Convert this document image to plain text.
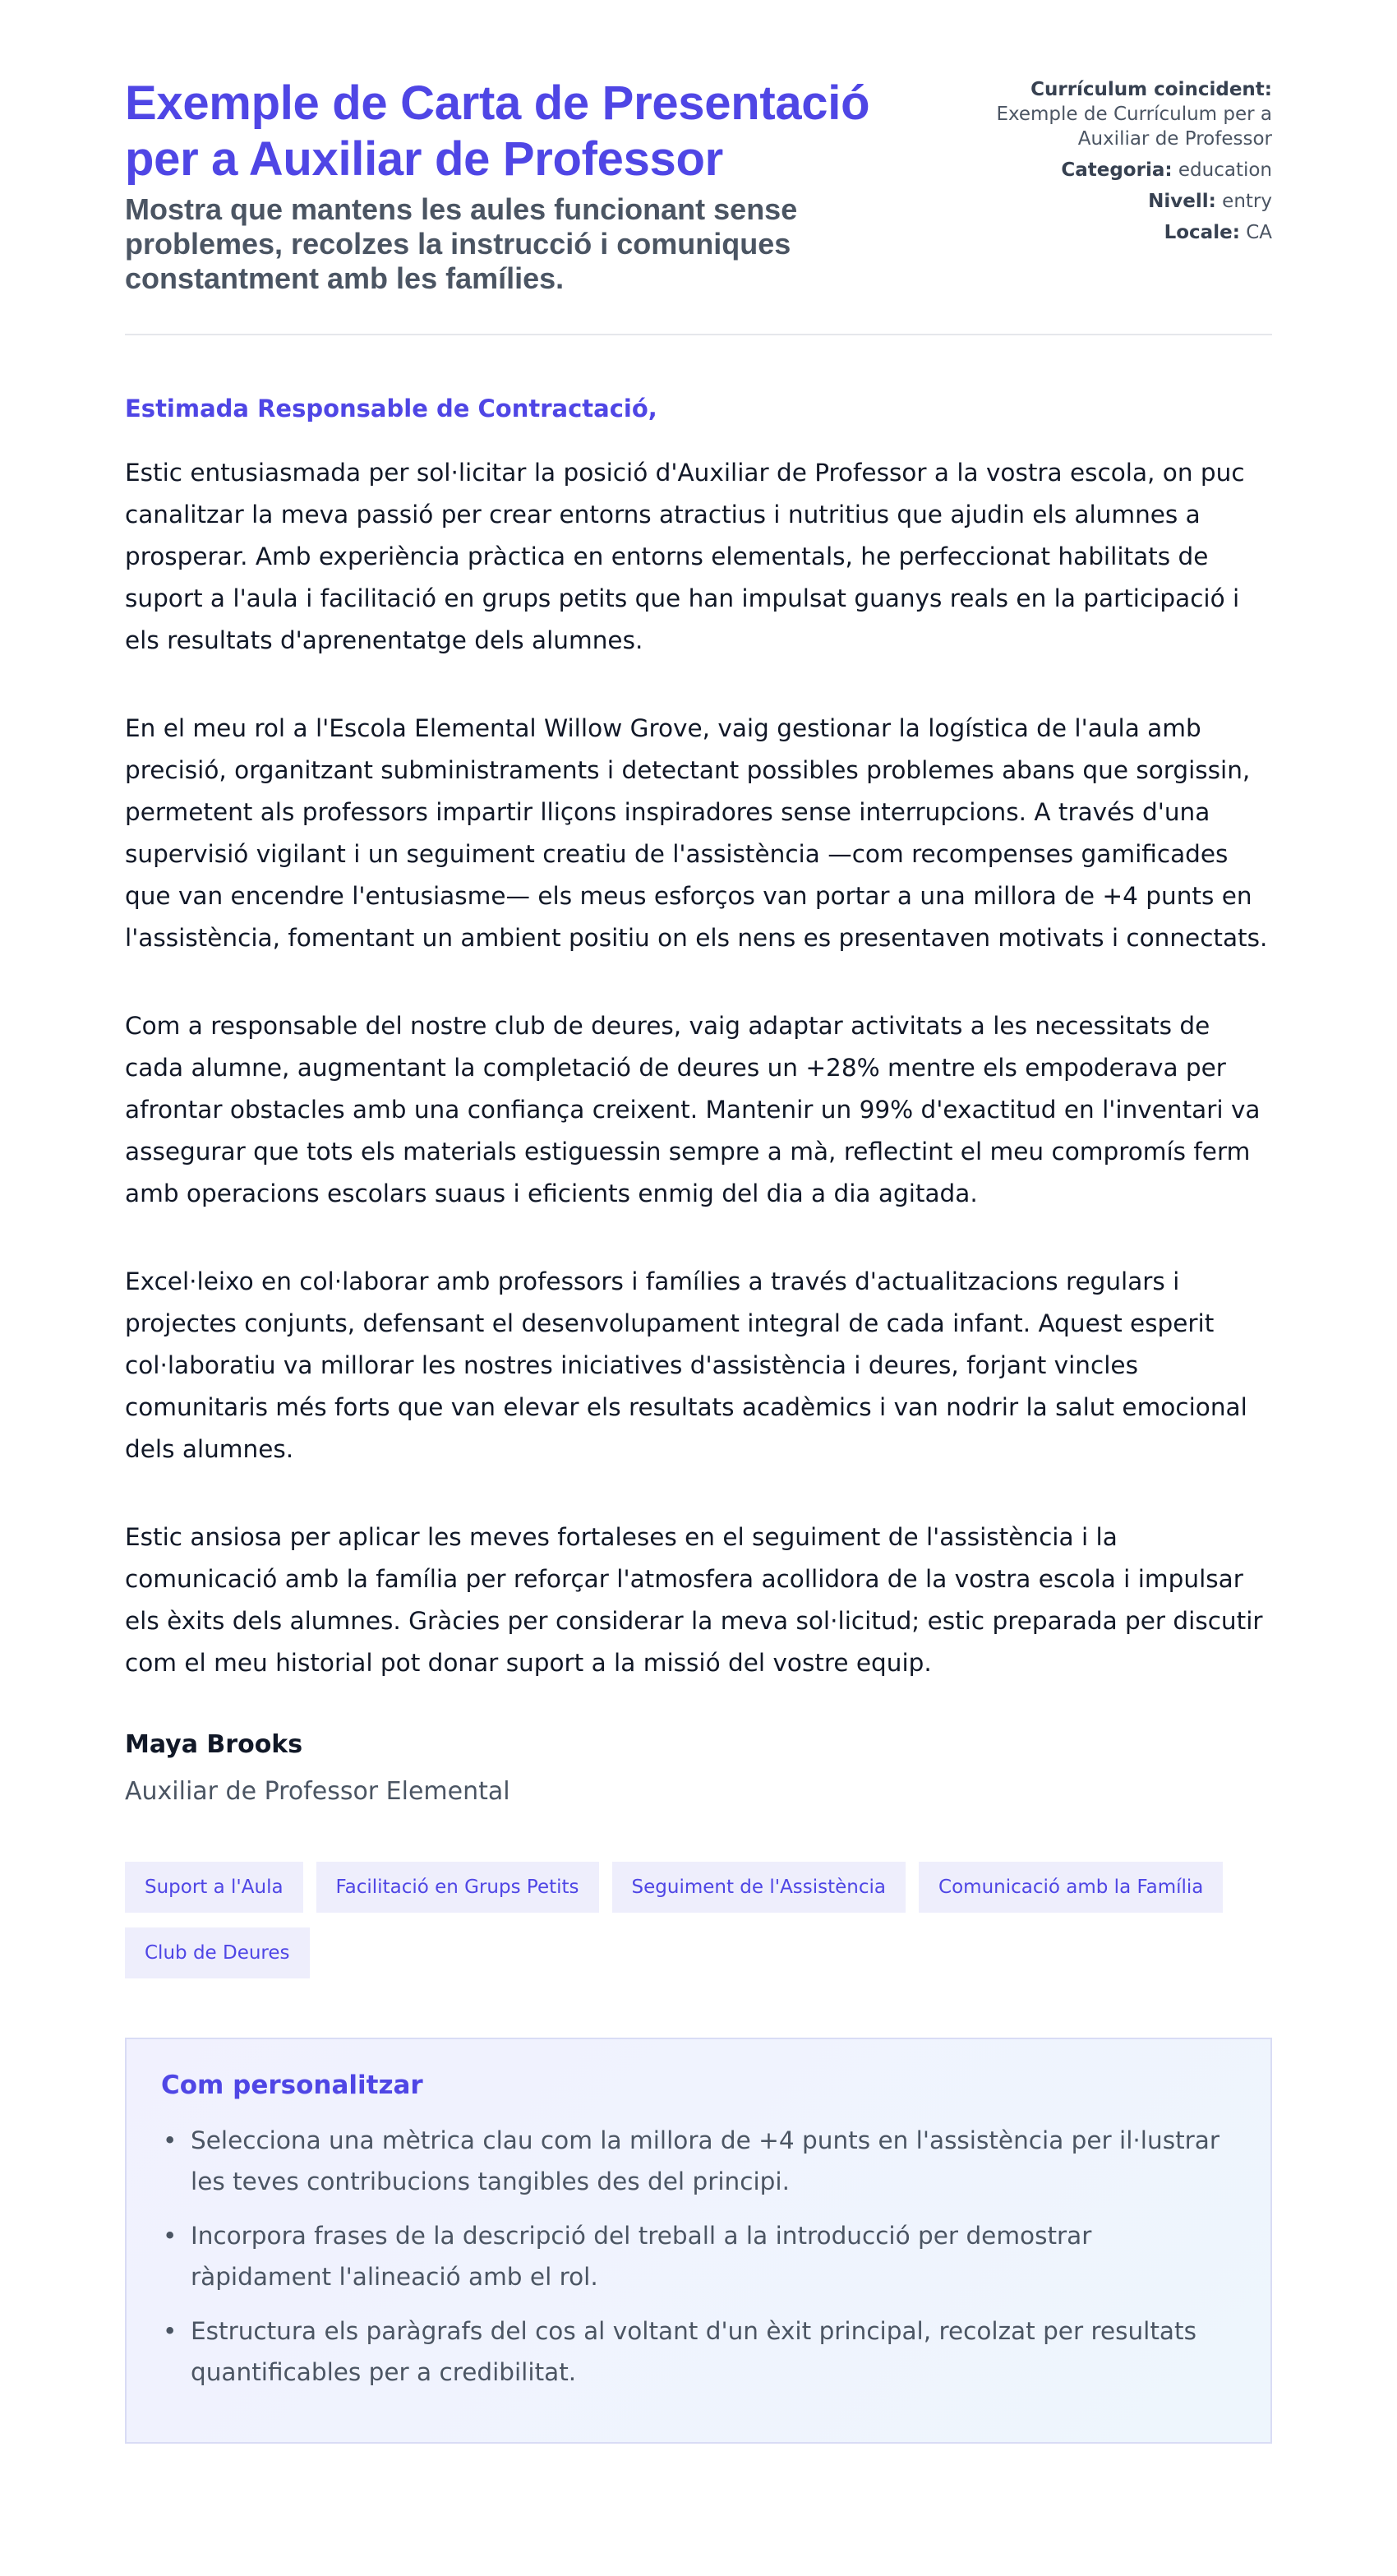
Exemple de Carta de Presentació per a Auxiliar de Professor
Mostra que mantens les aules funcionant sense problemes, recolzes la instrucció i comuniques constantment amb les famílies.
Currículum coincident: Exemple de Currículum per a Auxiliar de Professor
Categoria: education
Nivell: entry
Locale: CA
Estimada Responsable de Contractació,

Estic entusiasmada per sol·licitar la posició d'Auxiliar de Professor a la vostra escola, on puc canalitzar la meva passió per crear entorns atractius i nutritius que ajudin els alumnes a prosperar. Amb experiència pràctica en entorns elementals, he perfeccionat habilitats de suport a l'aula i facilitació en grups petits que han impulsat guanys reals en la participació i els resultats d'aprenentatge dels alumnes.

En el meu rol a l'Escola Elemental Willow Grove, vaig gestionar la logística de l'aula amb precisió, organitzant subministraments i detectant possibles problemes abans que sorgissin, permetent als professors impartir lliçons inspiradores sense interrupcions. A través d'una supervisió vigilant i un seguiment creatiu de l'assistència —com recompenses gamificades que van encendre l'entusiasme— els meus esforços van portar a una millora de +4 punts en l'assistència, fomentant un ambient positiu on els nens es presentaven motivats i connectats.

Com a responsable del nostre club de deures, vaig adaptar activitats a les necessitats de cada alumne, augmentant la completació de deures un +28% mentre els empoderava per afrontar obstacles amb una confiança creixent. Mantenir un 99% d'exactitud en l'inventari va assegurar que tots els materials estiguessin sempre a mà, reflectint el meu compromís ferm amb operacions escolars suaus i eficients enmig del dia a dia agitada.

Excel·leixo en col·laborar amb professors i famílies a través d'actualitzacions regulars i projectes conjunts, defensant el desenvolupament integral de cada infant. Aquest esperit col·laboratiu va millorar les nostres iniciatives d'assistència i deures, forjant vincles comunitaris més forts que van elevar els resultats acadèmics i van nodrir la salut emocional dels alumnes.

Estic ansiosa per aplicar les meves fortaleses en el seguiment de l'assistència i la comunicació amb la família per reforçar l'atmosfera acollidora de la vostra escola i impulsar els èxits dels alumnes. Gràcies per considerar la meva sol·licitud; estic preparada per discutir com el meu historial pot donar suport a la missió del vostre equip.

Maya Brooks
Auxiliar de Professor Elemental
Suport a l'Aula	Facilitació en Grups Petits	Seguiment de l'Assistència	Comunicació amb la Família
Club de Deures
Com personalitzar
• Selecciona una mètrica clau com la millora de +4 punts en l'assistència per il·lustrar les teves contribucions tangibles des del principi.
• Incorpora frases de la descripció del treball a la introducció per demostrar ràpidament l'alineació amb el rol.
• Estructura els paràgrafs del cos al voltant d'un èxit principal, recolzat per resultats quantificables per a credibilitat.
